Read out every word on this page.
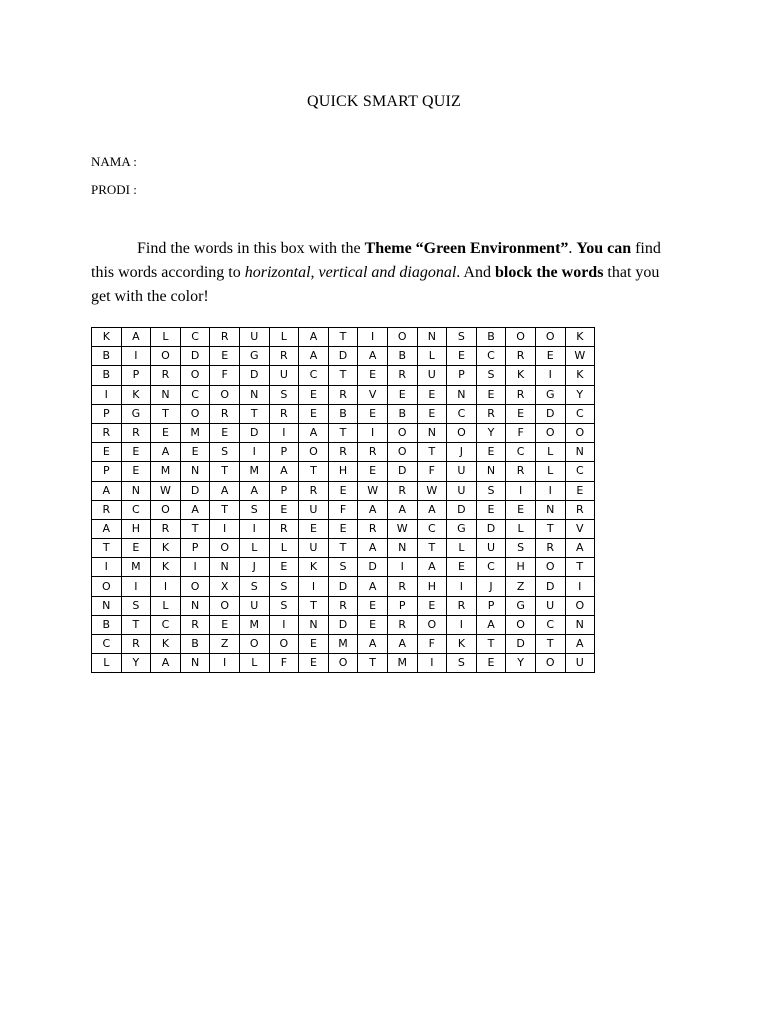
QUICK SMART QUIZ
NAMA :
PRODI :
Find the words in this box with the Theme “Green Environment”. You can find this words according to horizontal, vertical and diagonal. And block the words that you get with the color!
K	A	L	C	R	U	L	A	T	I	O	N	S	B	O	O	K
B	I	O	D	E	G	R	A	D	A	B	L	E	C	R	E	W
B	P	R	O	F	D	U	C	T	E	R	U	P	S	K	I	K
I	K	N	C	O	N	S	E	R	V	E	E	N	E	R	G	Y
P	G	T	O	R	T	R	E	B	E	B	E	C	R	E	D	C
R	R	E	M	E	D	I	A	T	I	O	N	O	Y	F	O	O
E	E	A	E	S	I	P	O	R	R	O	T	J	E	C	L	N
P	E	M	N	T	M	A	T	H	E	D	F	U	N	R	L	C
A	N	W	D	A	A	P	R	E	W	R	W	U	S	I	I	E
R	C	O	A	T	S	E	U	F	A	A	A	D	E	E	N	R
A	H	R	T	I	I	R	E	E	R	W	C	G	D	L	T	V
T	E	K	P	O	L	L	U	T	A	N	T	L	U	S	R	A
I	M	K	I	N	J	E	K	S	D	I	A	E	C	H	O	T
O	I	I	O	X	S	S	I	D	A	R	H	I	J	Z	D	I
N	S	L	N	O	U	S	T	R	E	P	E	R	P	G	U	O
B	T	C	R	E	M	I	N	D	E	R	O	I	A	O	C	N
C	R	K	B	Z	O	O	E	M	A	A	F	K	T	D	T	A
L	Y	A	N	I	L	F	E	O	T	M	I	S	E	Y	O	U
